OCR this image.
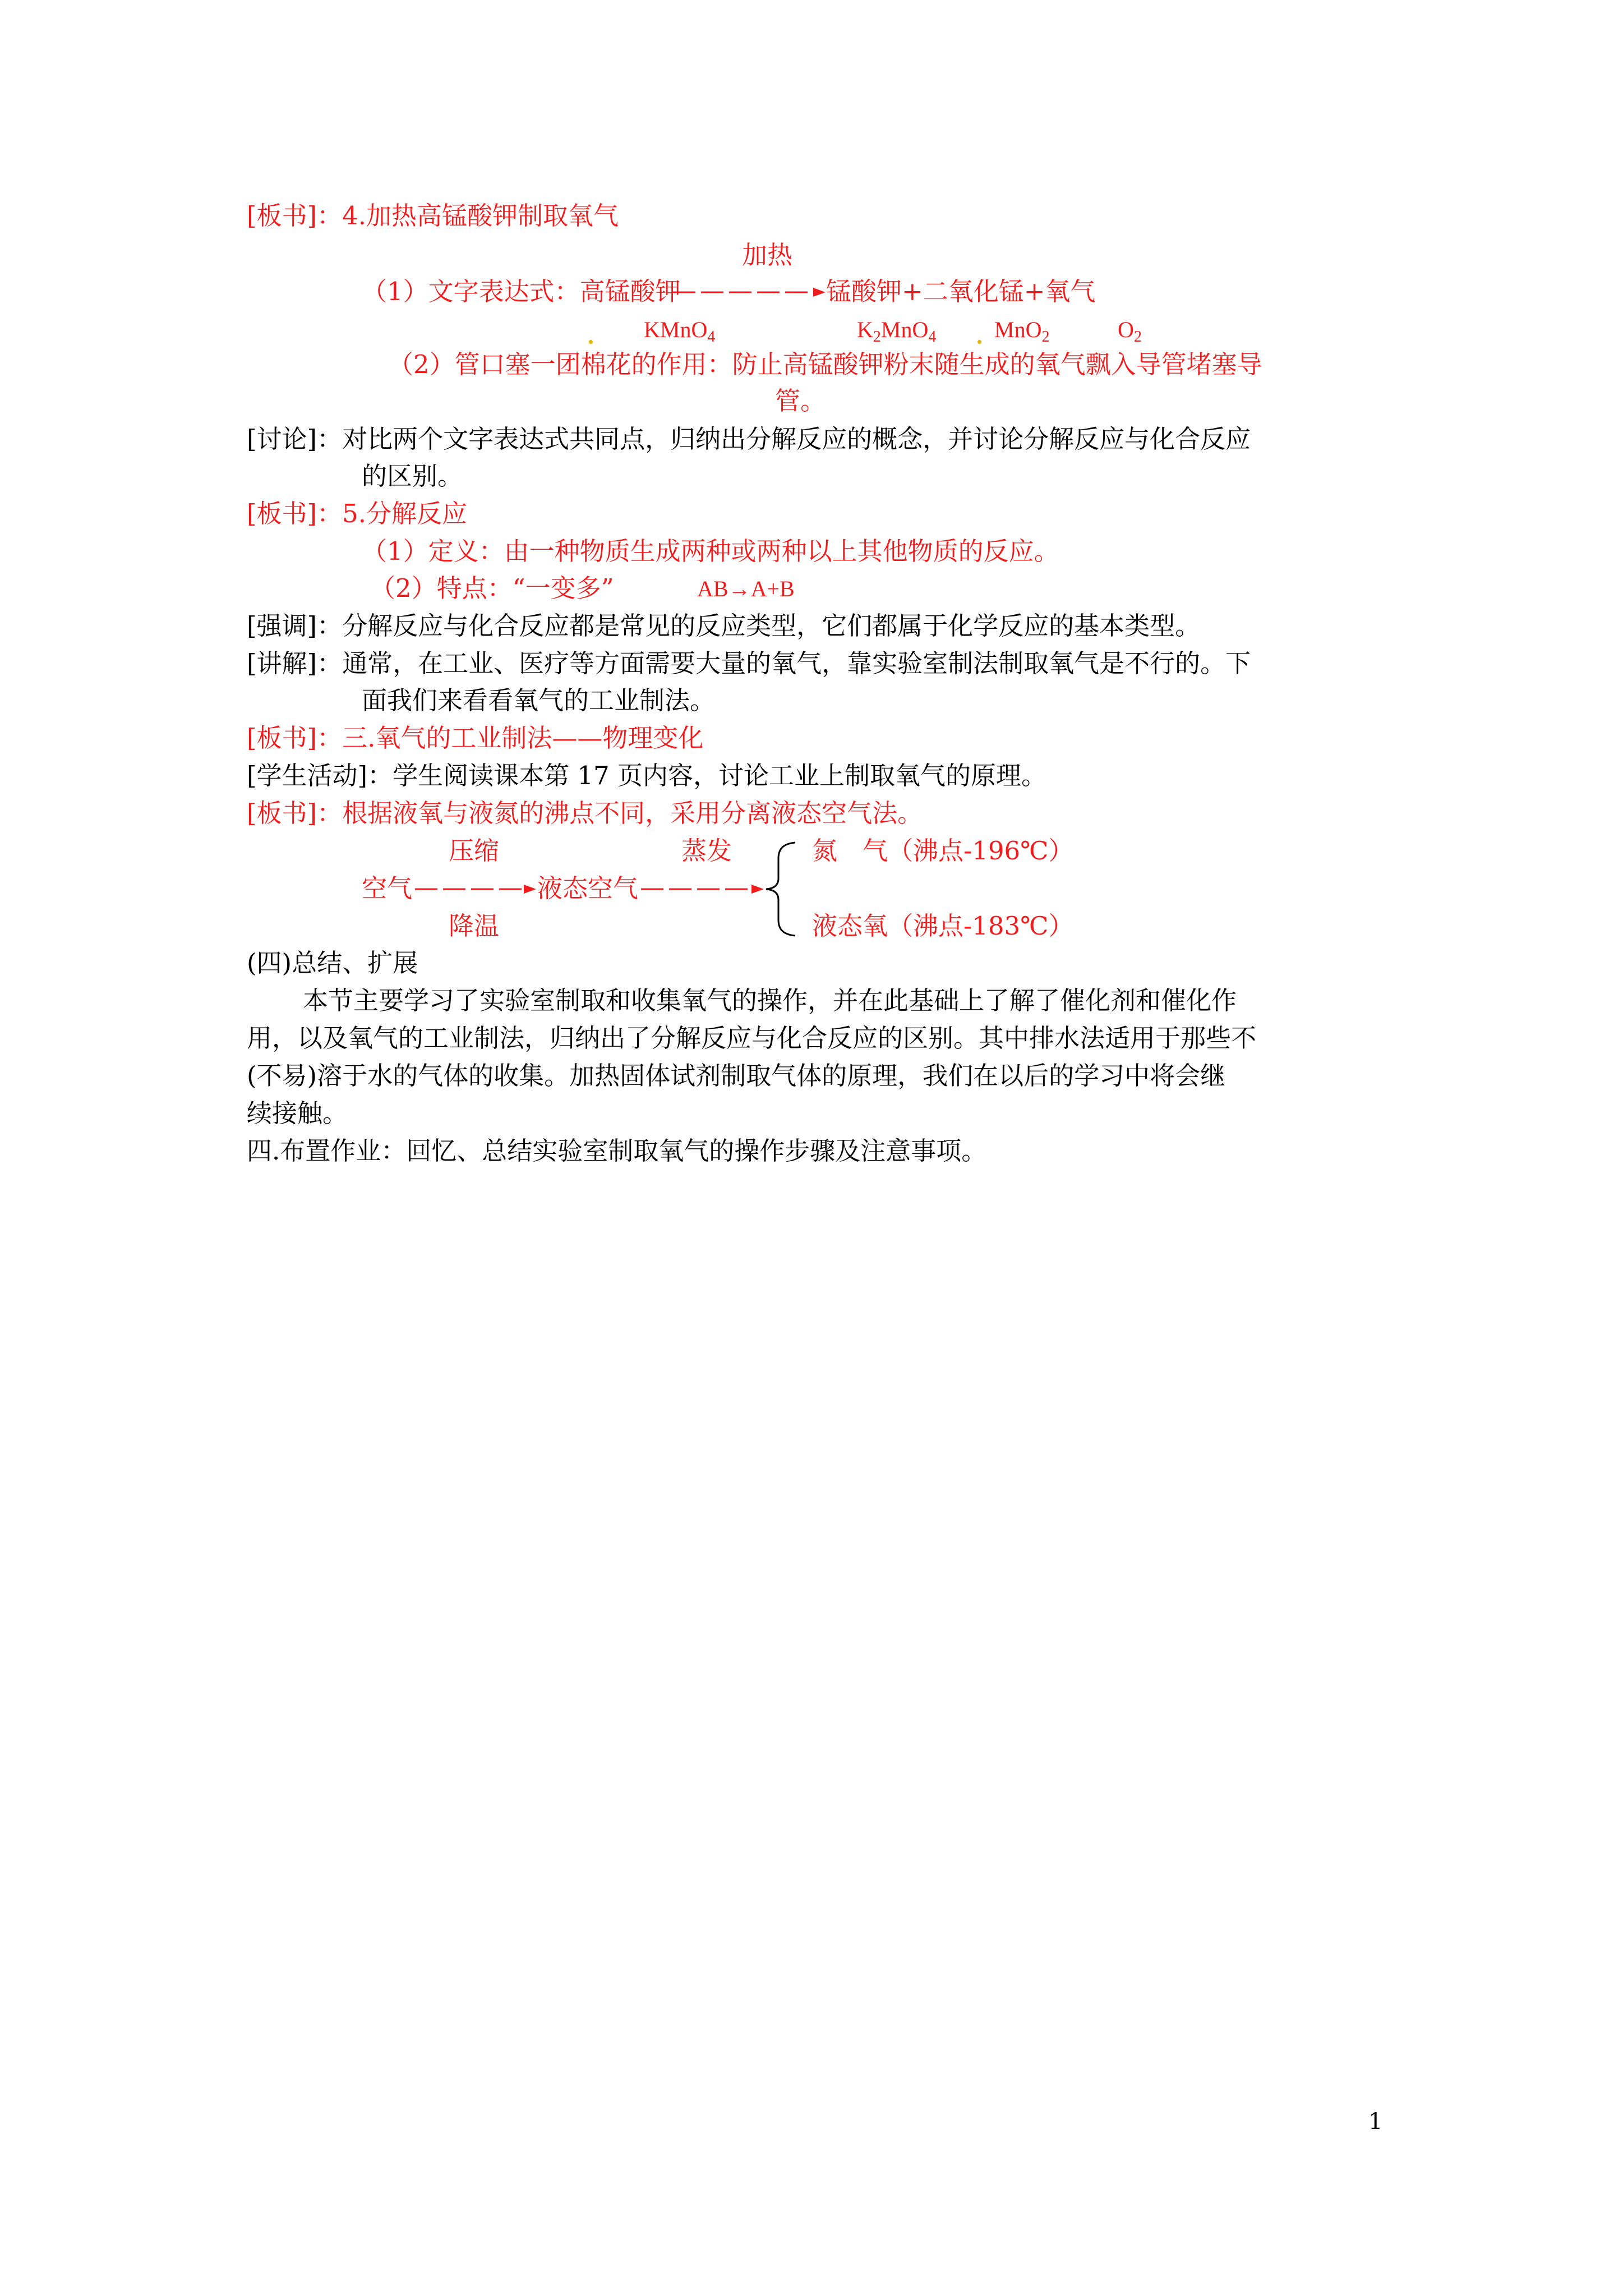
[板书]：4.加热高锰酸钾制取氧气
加热
（1）文字表达式：高锰酸钾	锰酸钾+二氧化锰+氧气
KMnO$_4$	$K_2MnO_4$	MnO$_2$	$O_2$
（2）管口塞一团棉花的作用：防止高锰酸钾粉末随生成的氧气飘入导管堵塞导
管。
[讨论]：对比两个文字表达式共同点，归纳出分解反应的概念，并讨论分解反应与化合反应
的区别。
[板书]：5.分解反应
（1）定义：由一种物质生成两种或两种以上其他物质的反应。
（2）特点：“一变多”	AB→A+B
[强调]：分解反应与化合反应都是常见的反应类型，它们都属于化学反应的基本类型。
[讲解]：通常，在工业、医疗等方面需要大量的氧气，靠实验室制法制取氧气是不行的。下
面我们来看看氧气的工业制法。
[板书]：三.氧气的工业制法——物理变化
[学生活动]：学生阅读课本第 17 页内容，讨论工业上制取氧气的原理。
[板书]：根据液氧与液氮的沸点不同，采用分离液态空气法。
压缩	蒸发
空气	液态空气
降温
氮　气（沸点-196℃）
液态氧（沸点-183℃）
(四)总结、扩展
本节主要学习了实验室制取和收集氧气的操作，并在此基础上了解了催化剂和催化作
用，以及氧气的工业制法，归纳出了分解反应与化合反应的区别。其中排水法适用于那些不
(不易)溶于水的气体的收集。加热固体试剂制取气体的原理，我们在以后的学习中将会继
续接触。
四.布置作业：回忆、总结实验室制取氧气的操作步骤及注意事项。
1
